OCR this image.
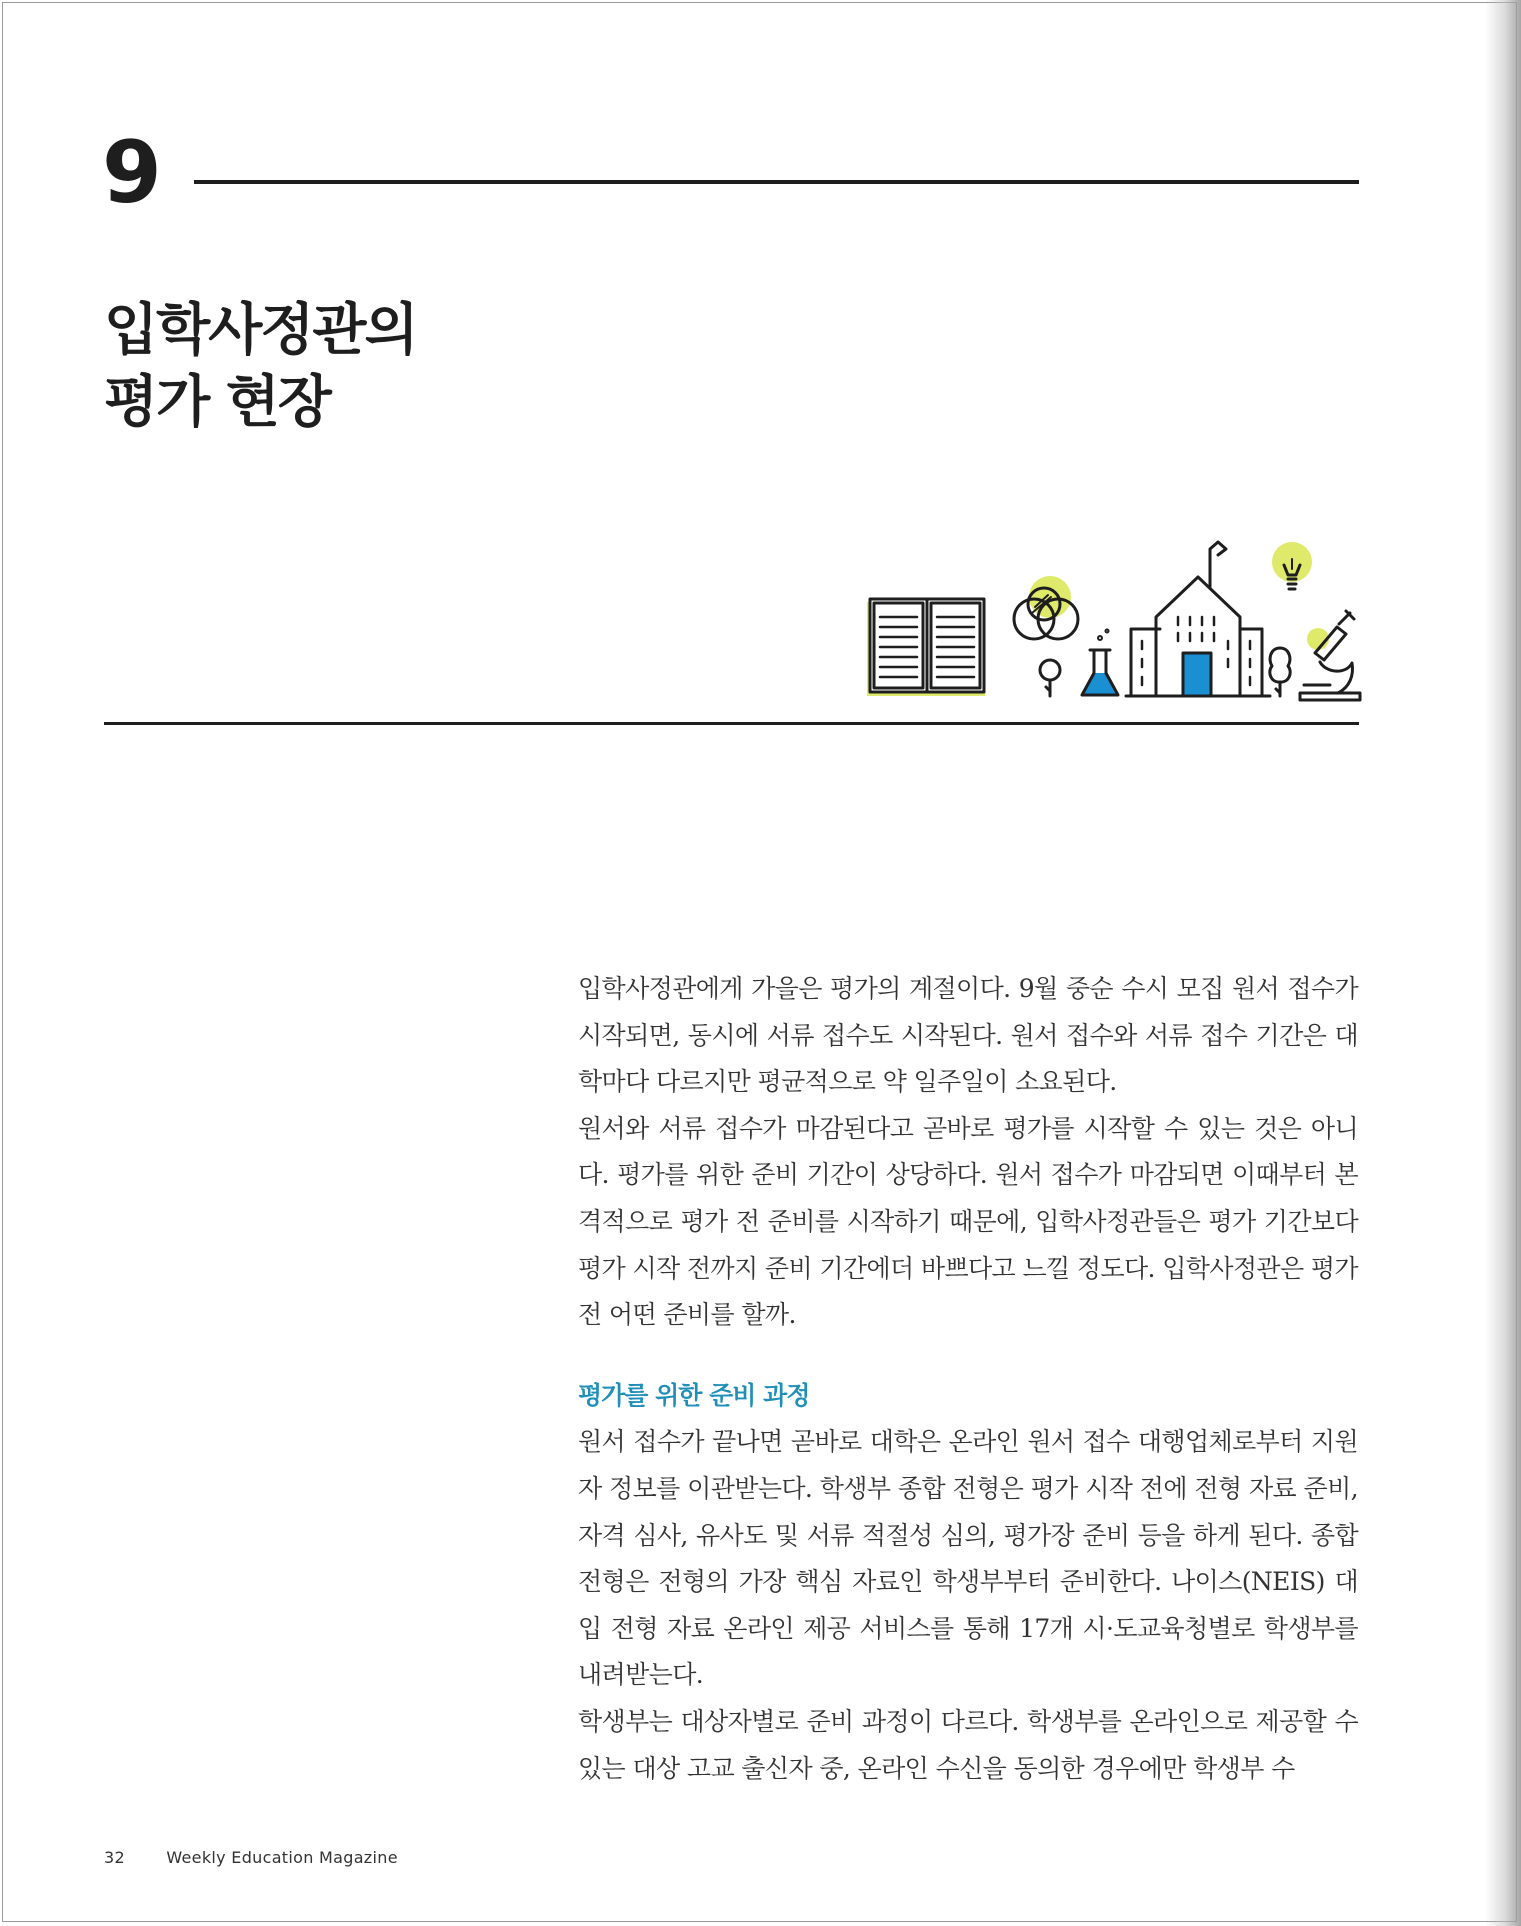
9
입학사정관의
평가 현장

입학사정관에게 가을은 평가의 계절이다. 9월 중순 수시 모집 원서 접수가 시작되면, 동시에 서류 접수도 시작된다. 원서 접수와 서류 접수 기간은 대학마다 다르지만 평균적으로 약 일주일이 소요된다.

원서와 서류 접수가 마감된다고 곧바로 평가를 시작할 수 있는 것은 아니다. 평가를 위한 준비 기간이 상당하다. 원서 접수가 마감되면 이때부터 본격적으로 평가 전 준비를 시작하기 때문에, 입학사정관들은 평가 기간보다 평가 시작 전까지 준비 기간에더 바쁘다고 느낄 정도다. 입학사정관은 평가 전 어떤 준비를 할까.

평가를 위한 준비 과정

원서 접수가 끝나면 곧바로 대학은 온라인 원서 접수 대행업체로부터 지원자 정보를 이관받는다. 학생부 종합 전형은 평가 시작 전에 전형 자료 준비, 자격 심사, 유사도 및 서류 적절성 심의, 평가장 준비 등을 하게 된다. 종합 전형은 전형의 가장 핵심 자료인 학생부부터 준비한다. 나이스(NEIS) 대입 전형 자료 온라인 제공 서비스를 통해 17개 시·도교육청별로 학생부를 내려받는다.

학생부는 대상자별로 준비 과정이 다르다. 학생부를 온라인으로 제공할 수 있는 대상 고교 출신자 중, 온라인 수신을 동의한 경우에만 학생부 수

32	Weekly Education Magazine
